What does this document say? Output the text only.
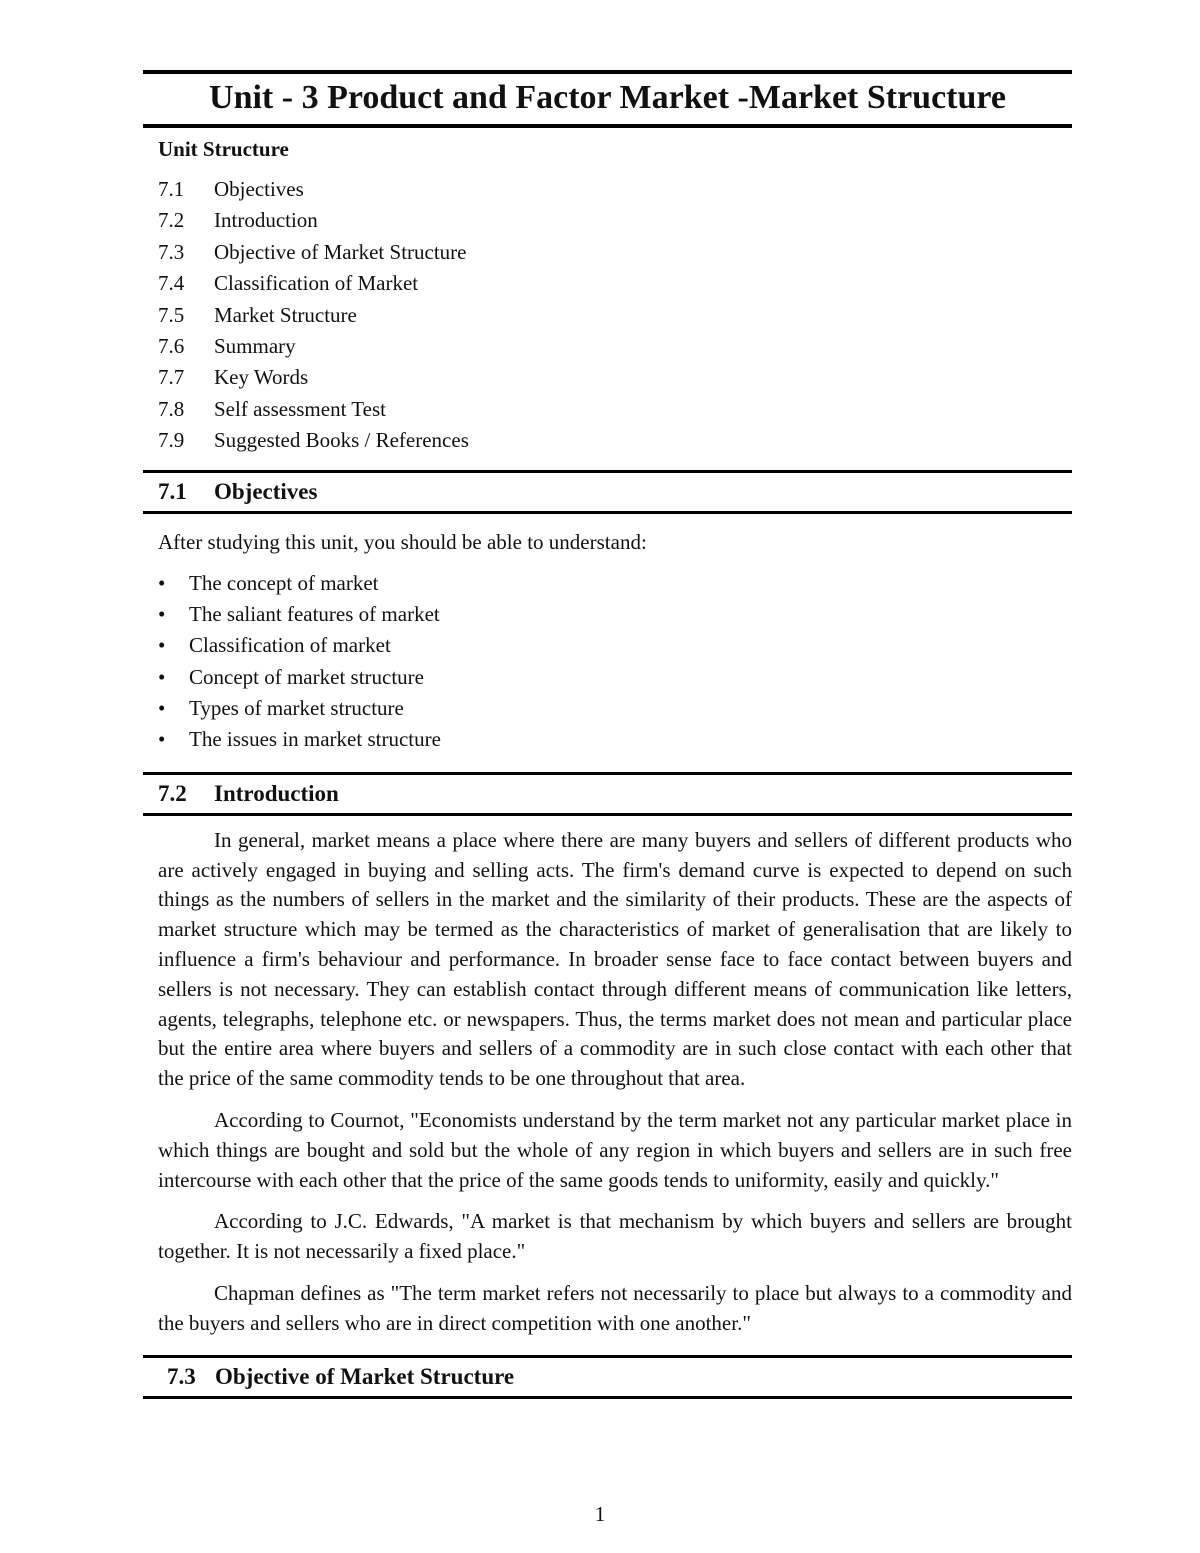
Unit - 3 Product and Factor Market -Market Structure
Unit Structure
7.1 Objectives
7.2 Introduction
7.3 Objective of Market Structure
7.4 Classification of Market
7.5 Market Structure
7.6 Summary
7.7 Key Words
7.8 Self assessment Test
7.9 Suggested Books / References
7.1 Objectives
After studying this unit, you should be able to understand:
• The concept of market
• The saliant features of market
• Classification of market
• Concept of market structure
• Types of market structure
• The issues in market structure
7.2 Introduction

In general, market means a place where there are many buyers and sellers of different products who are actively engaged in buying and selling acts. The firm's demand curve is expected to depend on such things as the numbers of sellers in the market and the similarity of their products. These are the aspects of market structure which may be termed as the characteristics of market of generalisation that are likely to influence a firm's behaviour and performance. In broader sense face to face contact between buyers and sellers is not necessary. They can establish contact through different means of communication like letters, agents, telegraphs, telephone etc. or newspapers. Thus, the terms market does not mean and particular place but the entire area where buyers and sellers of a commodity are in such close contact with each other that the price of the same commodity tends to be one throughout that area.

According to Cournot, "Economists understand by the term market not any particular market place in which things are bought and sold but the whole of any region in which buyers and sellers are in such free intercourse with each other that the price of the same goods tends to uniformity, easily and quickly."

According to J.C. Edwards, "A market is that mechanism by which buyers and sellers are brought together. It is not necessarily a fixed place."

Chapman defines as "The term market refers not necessarily to place but always to a commodity and the buyers and sellers who are in direct competition with one another."

7.3 Objective of Market Structure
1
